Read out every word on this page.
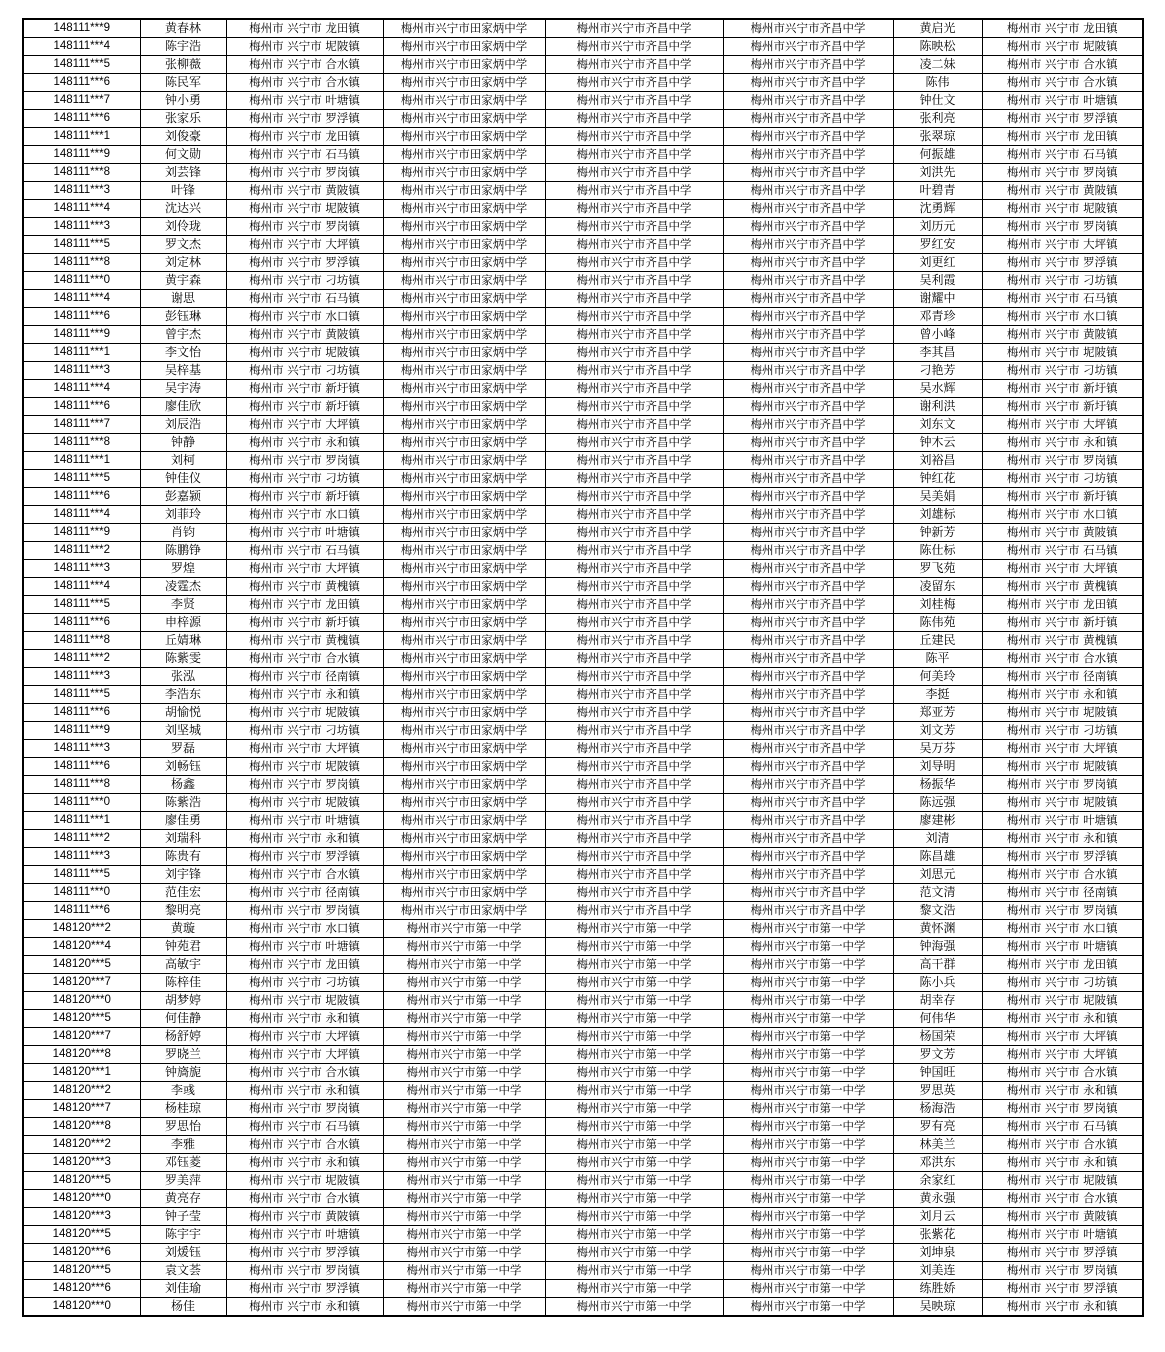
148111***9	黄春林	梅州市 兴宁市 龙田镇	梅州市兴宁市田家炳中学	梅州市兴宁市齐昌中学	梅州市兴宁市齐昌中学	黄启光	梅州市 兴宁市 龙田镇
148111***4	陈宇浩	梅州市 兴宁市 坭陂镇	梅州市兴宁市田家炳中学	梅州市兴宁市齐昌中学	梅州市兴宁市齐昌中学	陈映松	梅州市 兴宁市 坭陂镇
148111***5	张柳薇	梅州市 兴宁市 合水镇	梅州市兴宁市田家炳中学	梅州市兴宁市齐昌中学	梅州市兴宁市齐昌中学	凌二妹	梅州市 兴宁市 合水镇
148111***6	陈民军	梅州市 兴宁市 合水镇	梅州市兴宁市田家炳中学	梅州市兴宁市齐昌中学	梅州市兴宁市齐昌中学	陈伟	梅州市 兴宁市 合水镇
148111***7	钟小勇	梅州市 兴宁市 叶塘镇	梅州市兴宁市田家炳中学	梅州市兴宁市齐昌中学	梅州市兴宁市齐昌中学	钟仕文	梅州市 兴宁市 叶塘镇
148111***6	张家乐	梅州市 兴宁市 罗浮镇	梅州市兴宁市田家炳中学	梅州市兴宁市齐昌中学	梅州市兴宁市齐昌中学	张利亮	梅州市 兴宁市 罗浮镇
148111***1	刘俊豪	梅州市 兴宁市 龙田镇	梅州市兴宁市田家炳中学	梅州市兴宁市齐昌中学	梅州市兴宁市齐昌中学	张翠琼	梅州市 兴宁市 龙田镇
148111***9	何文勋	梅州市 兴宁市 石马镇	梅州市兴宁市田家炳中学	梅州市兴宁市齐昌中学	梅州市兴宁市齐昌中学	何振雄	梅州市 兴宁市 石马镇
148111***8	刘芸锋	梅州市 兴宁市 罗岗镇	梅州市兴宁市田家炳中学	梅州市兴宁市齐昌中学	梅州市兴宁市齐昌中学	刘洪先	梅州市 兴宁市 罗岗镇
148111***3	叶锋	梅州市 兴宁市 黄陂镇	梅州市兴宁市田家炳中学	梅州市兴宁市齐昌中学	梅州市兴宁市齐昌中学	叶碧青	梅州市 兴宁市 黄陂镇
148111***4	沈达兴	梅州市 兴宁市 坭陂镇	梅州市兴宁市田家炳中学	梅州市兴宁市齐昌中学	梅州市兴宁市齐昌中学	沈勇辉	梅州市 兴宁市 坭陂镇
148111***3	刘伶珑	梅州市 兴宁市 罗岗镇	梅州市兴宁市田家炳中学	梅州市兴宁市齐昌中学	梅州市兴宁市齐昌中学	刘历元	梅州市 兴宁市 罗岗镇
148111***5	罗文杰	梅州市 兴宁市 大坪镇	梅州市兴宁市田家炳中学	梅州市兴宁市齐昌中学	梅州市兴宁市齐昌中学	罗红安	梅州市 兴宁市 大坪镇
148111***8	刘定林	梅州市 兴宁市 罗浮镇	梅州市兴宁市田家炳中学	梅州市兴宁市齐昌中学	梅州市兴宁市齐昌中学	刘更红	梅州市 兴宁市 罗浮镇
148111***0	黄宇森	梅州市 兴宁市 刁坊镇	梅州市兴宁市田家炳中学	梅州市兴宁市齐昌中学	梅州市兴宁市齐昌中学	吴利霞	梅州市 兴宁市 刁坊镇
148111***4	谢思	梅州市 兴宁市 石马镇	梅州市兴宁市田家炳中学	梅州市兴宁市齐昌中学	梅州市兴宁市齐昌中学	谢耀中	梅州市 兴宁市 石马镇
148111***6	彭钰琳	梅州市 兴宁市 水口镇	梅州市兴宁市田家炳中学	梅州市兴宁市齐昌中学	梅州市兴宁市齐昌中学	邓青珍	梅州市 兴宁市 水口镇
148111***9	曾宇杰	梅州市 兴宁市 黄陂镇	梅州市兴宁市田家炳中学	梅州市兴宁市齐昌中学	梅州市兴宁市齐昌中学	曾小峰	梅州市 兴宁市 黄陂镇
148111***1	李文怡	梅州市 兴宁市 坭陂镇	梅州市兴宁市田家炳中学	梅州市兴宁市齐昌中学	梅州市兴宁市齐昌中学	李其昌	梅州市 兴宁市 坭陂镇
148111***3	吴梓基	梅州市 兴宁市 刁坊镇	梅州市兴宁市田家炳中学	梅州市兴宁市齐昌中学	梅州市兴宁市齐昌中学	刁艳芳	梅州市 兴宁市 刁坊镇
148111***4	吴宇涛	梅州市 兴宁市 新圩镇	梅州市兴宁市田家炳中学	梅州市兴宁市齐昌中学	梅州市兴宁市齐昌中学	吴水辉	梅州市 兴宁市 新圩镇
148111***6	廖佳欣	梅州市 兴宁市 新圩镇	梅州市兴宁市田家炳中学	梅州市兴宁市齐昌中学	梅州市兴宁市齐昌中学	谢利洪	梅州市 兴宁市 新圩镇
148111***7	刘辰浩	梅州市 兴宁市 大坪镇	梅州市兴宁市田家炳中学	梅州市兴宁市齐昌中学	梅州市兴宁市齐昌中学	刘东文	梅州市 兴宁市 大坪镇
148111***8	钟静	梅州市 兴宁市 永和镇	梅州市兴宁市田家炳中学	梅州市兴宁市齐昌中学	梅州市兴宁市齐昌中学	钟木云	梅州市 兴宁市 永和镇
148111***1	刘柯	梅州市 兴宁市 罗岗镇	梅州市兴宁市田家炳中学	梅州市兴宁市齐昌中学	梅州市兴宁市齐昌中学	刘裕昌	梅州市 兴宁市 罗岗镇
148111***5	钟佳仪	梅州市 兴宁市 刁坊镇	梅州市兴宁市田家炳中学	梅州市兴宁市齐昌中学	梅州市兴宁市齐昌中学	钟红花	梅州市 兴宁市 刁坊镇
148111***6	彭嘉颍	梅州市 兴宁市 新圩镇	梅州市兴宁市田家炳中学	梅州市兴宁市齐昌中学	梅州市兴宁市齐昌中学	吴美娟	梅州市 兴宁市 新圩镇
148111***4	刘菲玲	梅州市 兴宁市 水口镇	梅州市兴宁市田家炳中学	梅州市兴宁市齐昌中学	梅州市兴宁市齐昌中学	刘雄标	梅州市 兴宁市 水口镇
148111***9	肖钧	梅州市 兴宁市 叶塘镇	梅州市兴宁市田家炳中学	梅州市兴宁市齐昌中学	梅州市兴宁市齐昌中学	钟新芳	梅州市 兴宁市 黄陂镇
148111***2	陈鹏铮	梅州市 兴宁市 石马镇	梅州市兴宁市田家炳中学	梅州市兴宁市齐昌中学	梅州市兴宁市齐昌中学	陈仕标	梅州市 兴宁市 石马镇
148111***3	罗煌	梅州市 兴宁市 大坪镇	梅州市兴宁市田家炳中学	梅州市兴宁市齐昌中学	梅州市兴宁市齐昌中学	罗飞苑	梅州市 兴宁市 大坪镇
148111***4	凌霆杰	梅州市 兴宁市 黄槐镇	梅州市兴宁市田家炳中学	梅州市兴宁市齐昌中学	梅州市兴宁市齐昌中学	凌留东	梅州市 兴宁市 黄槐镇
148111***5	李贤	梅州市 兴宁市 龙田镇	梅州市兴宁市田家炳中学	梅州市兴宁市齐昌中学	梅州市兴宁市齐昌中学	刘桂梅	梅州市 兴宁市 龙田镇
148111***6	申梓源	梅州市 兴宁市 新圩镇	梅州市兴宁市田家炳中学	梅州市兴宁市齐昌中学	梅州市兴宁市齐昌中学	陈伟苑	梅州市 兴宁市 新圩镇
148111***8	丘婧琳	梅州市 兴宁市 黄槐镇	梅州市兴宁市田家炳中学	梅州市兴宁市齐昌中学	梅州市兴宁市齐昌中学	丘建民	梅州市 兴宁市 黄槐镇
148111***2	陈紫雯	梅州市 兴宁市 合水镇	梅州市兴宁市田家炳中学	梅州市兴宁市齐昌中学	梅州市兴宁市齐昌中学	陈平	梅州市 兴宁市 合水镇
148111***3	张泓	梅州市 兴宁市 径南镇	梅州市兴宁市田家炳中学	梅州市兴宁市齐昌中学	梅州市兴宁市齐昌中学	何美玲	梅州市 兴宁市 径南镇
148111***5	李浩东	梅州市 兴宁市 永和镇	梅州市兴宁市田家炳中学	梅州市兴宁市齐昌中学	梅州市兴宁市齐昌中学	李挺	梅州市 兴宁市 永和镇
148111***6	胡愉悦	梅州市 兴宁市 坭陂镇	梅州市兴宁市田家炳中学	梅州市兴宁市齐昌中学	梅州市兴宁市齐昌中学	郑亚芳	梅州市 兴宁市 坭陂镇
148111***9	刘坚城	梅州市 兴宁市 刁坊镇	梅州市兴宁市田家炳中学	梅州市兴宁市齐昌中学	梅州市兴宁市齐昌中学	刘文芳	梅州市 兴宁市 刁坊镇
148111***3	罗磊	梅州市 兴宁市 大坪镇	梅州市兴宁市田家炳中学	梅州市兴宁市齐昌中学	梅州市兴宁市齐昌中学	吴万芬	梅州市 兴宁市 大坪镇
148111***6	刘畅钰	梅州市 兴宁市 坭陂镇	梅州市兴宁市田家炳中学	梅州市兴宁市齐昌中学	梅州市兴宁市齐昌中学	刘导明	梅州市 兴宁市 坭陂镇
148111***8	杨鑫	梅州市 兴宁市 罗岗镇	梅州市兴宁市田家炳中学	梅州市兴宁市齐昌中学	梅州市兴宁市齐昌中学	杨振华	梅州市 兴宁市 罗岗镇
148111***0	陈紫浩	梅州市 兴宁市 坭陂镇	梅州市兴宁市田家炳中学	梅州市兴宁市齐昌中学	梅州市兴宁市齐昌中学	陈远强	梅州市 兴宁市 坭陂镇
148111***1	廖佳勇	梅州市 兴宁市 叶塘镇	梅州市兴宁市田家炳中学	梅州市兴宁市齐昌中学	梅州市兴宁市齐昌中学	廖建彬	梅州市 兴宁市 叶塘镇
148111***2	刘瑞科	梅州市 兴宁市 永和镇	梅州市兴宁市田家炳中学	梅州市兴宁市齐昌中学	梅州市兴宁市齐昌中学	刘清	梅州市 兴宁市 永和镇
148111***3	陈贵有	梅州市 兴宁市 罗浮镇	梅州市兴宁市田家炳中学	梅州市兴宁市齐昌中学	梅州市兴宁市齐昌中学	陈昌雄	梅州市 兴宁市 罗浮镇
148111***5	刘宇锋	梅州市 兴宁市 合水镇	梅州市兴宁市田家炳中学	梅州市兴宁市齐昌中学	梅州市兴宁市齐昌中学	刘思元	梅州市 兴宁市 合水镇
148111***0	范佳宏	梅州市 兴宁市 径南镇	梅州市兴宁市田家炳中学	梅州市兴宁市齐昌中学	梅州市兴宁市齐昌中学	范文清	梅州市 兴宁市 径南镇
148111***6	黎明亮	梅州市 兴宁市 罗岗镇	梅州市兴宁市田家炳中学	梅州市兴宁市齐昌中学	梅州市兴宁市齐昌中学	黎文浩	梅州市 兴宁市 罗岗镇
148120***2	黄璇	梅州市 兴宁市 水口镇	梅州市兴宁市第一中学	梅州市兴宁市第一中学	梅州市兴宁市第一中学	黄怀渊	梅州市 兴宁市 水口镇
148120***4	钟苑君	梅州市 兴宁市 叶塘镇	梅州市兴宁市第一中学	梅州市兴宁市第一中学	梅州市兴宁市第一中学	钟海强	梅州市 兴宁市 叶塘镇
148120***5	高敏宇	梅州市 兴宁市 龙田镇	梅州市兴宁市第一中学	梅州市兴宁市第一中学	梅州市兴宁市第一中学	高干群	梅州市 兴宁市 龙田镇
148120***7	陈梓佳	梅州市 兴宁市 刁坊镇	梅州市兴宁市第一中学	梅州市兴宁市第一中学	梅州市兴宁市第一中学	陈小兵	梅州市 兴宁市 刁坊镇
148120***0	胡梦婷	梅州市 兴宁市 坭陂镇	梅州市兴宁市第一中学	梅州市兴宁市第一中学	梅州市兴宁市第一中学	胡幸存	梅州市 兴宁市 坭陂镇
148120***5	何佳静	梅州市 兴宁市 永和镇	梅州市兴宁市第一中学	梅州市兴宁市第一中学	梅州市兴宁市第一中学	何伟华	梅州市 兴宁市 永和镇
148120***7	杨舒婷	梅州市 兴宁市 大坪镇	梅州市兴宁市第一中学	梅州市兴宁市第一中学	梅州市兴宁市第一中学	杨国荣	梅州市 兴宁市 大坪镇
148120***8	罗晓兰	梅州市 兴宁市 大坪镇	梅州市兴宁市第一中学	梅州市兴宁市第一中学	梅州市兴宁市第一中学	罗文芳	梅州市 兴宁市 大坪镇
148120***1	钟旖旎	梅州市 兴宁市 合水镇	梅州市兴宁市第一中学	梅州市兴宁市第一中学	梅州市兴宁市第一中学	钟国旺	梅州市 兴宁市 合水镇
148120***2	李彧	梅州市 兴宁市 永和镇	梅州市兴宁市第一中学	梅州市兴宁市第一中学	梅州市兴宁市第一中学	罗思英	梅州市 兴宁市 永和镇
148120***7	杨桂琼	梅州市 兴宁市 罗岗镇	梅州市兴宁市第一中学	梅州市兴宁市第一中学	梅州市兴宁市第一中学	杨海浩	梅州市 兴宁市 罗岗镇
148120***8	罗思怡	梅州市 兴宁市 石马镇	梅州市兴宁市第一中学	梅州市兴宁市第一中学	梅州市兴宁市第一中学	罗有亮	梅州市 兴宁市 石马镇
148120***2	李雅	梅州市 兴宁市 合水镇	梅州市兴宁市第一中学	梅州市兴宁市第一中学	梅州市兴宁市第一中学	林美兰	梅州市 兴宁市 合水镇
148120***3	邓钰菱	梅州市 兴宁市 永和镇	梅州市兴宁市第一中学	梅州市兴宁市第一中学	梅州市兴宁市第一中学	邓洪东	梅州市 兴宁市 永和镇
148120***5	罗美萍	梅州市 兴宁市 坭陂镇	梅州市兴宁市第一中学	梅州市兴宁市第一中学	梅州市兴宁市第一中学	余家红	梅州市 兴宁市 坭陂镇
148120***0	黄亮存	梅州市 兴宁市 合水镇	梅州市兴宁市第一中学	梅州市兴宁市第一中学	梅州市兴宁市第一中学	黄永强	梅州市 兴宁市 合水镇
148120***3	钟子莹	梅州市 兴宁市 黄陂镇	梅州市兴宁市第一中学	梅州市兴宁市第一中学	梅州市兴宁市第一中学	刘月云	梅州市 兴宁市 黄陂镇
148120***5	陈宇宇	梅州市 兴宁市 叶塘镇	梅州市兴宁市第一中学	梅州市兴宁市第一中学	梅州市兴宁市第一中学	张紫花	梅州市 兴宁市 叶塘镇
148120***6	刘煖钰	梅州市 兴宁市 罗浮镇	梅州市兴宁市第一中学	梅州市兴宁市第一中学	梅州市兴宁市第一中学	刘坤泉	梅州市 兴宁市 罗浮镇
148120***5	袁文荟	梅州市 兴宁市 罗岗镇	梅州市兴宁市第一中学	梅州市兴宁市第一中学	梅州市兴宁市第一中学	刘美连	梅州市 兴宁市 罗岗镇
148120***6	刘佳瑜	梅州市 兴宁市 罗浮镇	梅州市兴宁市第一中学	梅州市兴宁市第一中学	梅州市兴宁市第一中学	练胜娇	梅州市 兴宁市 罗浮镇
148120***0	杨佳	梅州市 兴宁市 永和镇	梅州市兴宁市第一中学	梅州市兴宁市第一中学	梅州市兴宁市第一中学	吴映琼	梅州市 兴宁市 永和镇
